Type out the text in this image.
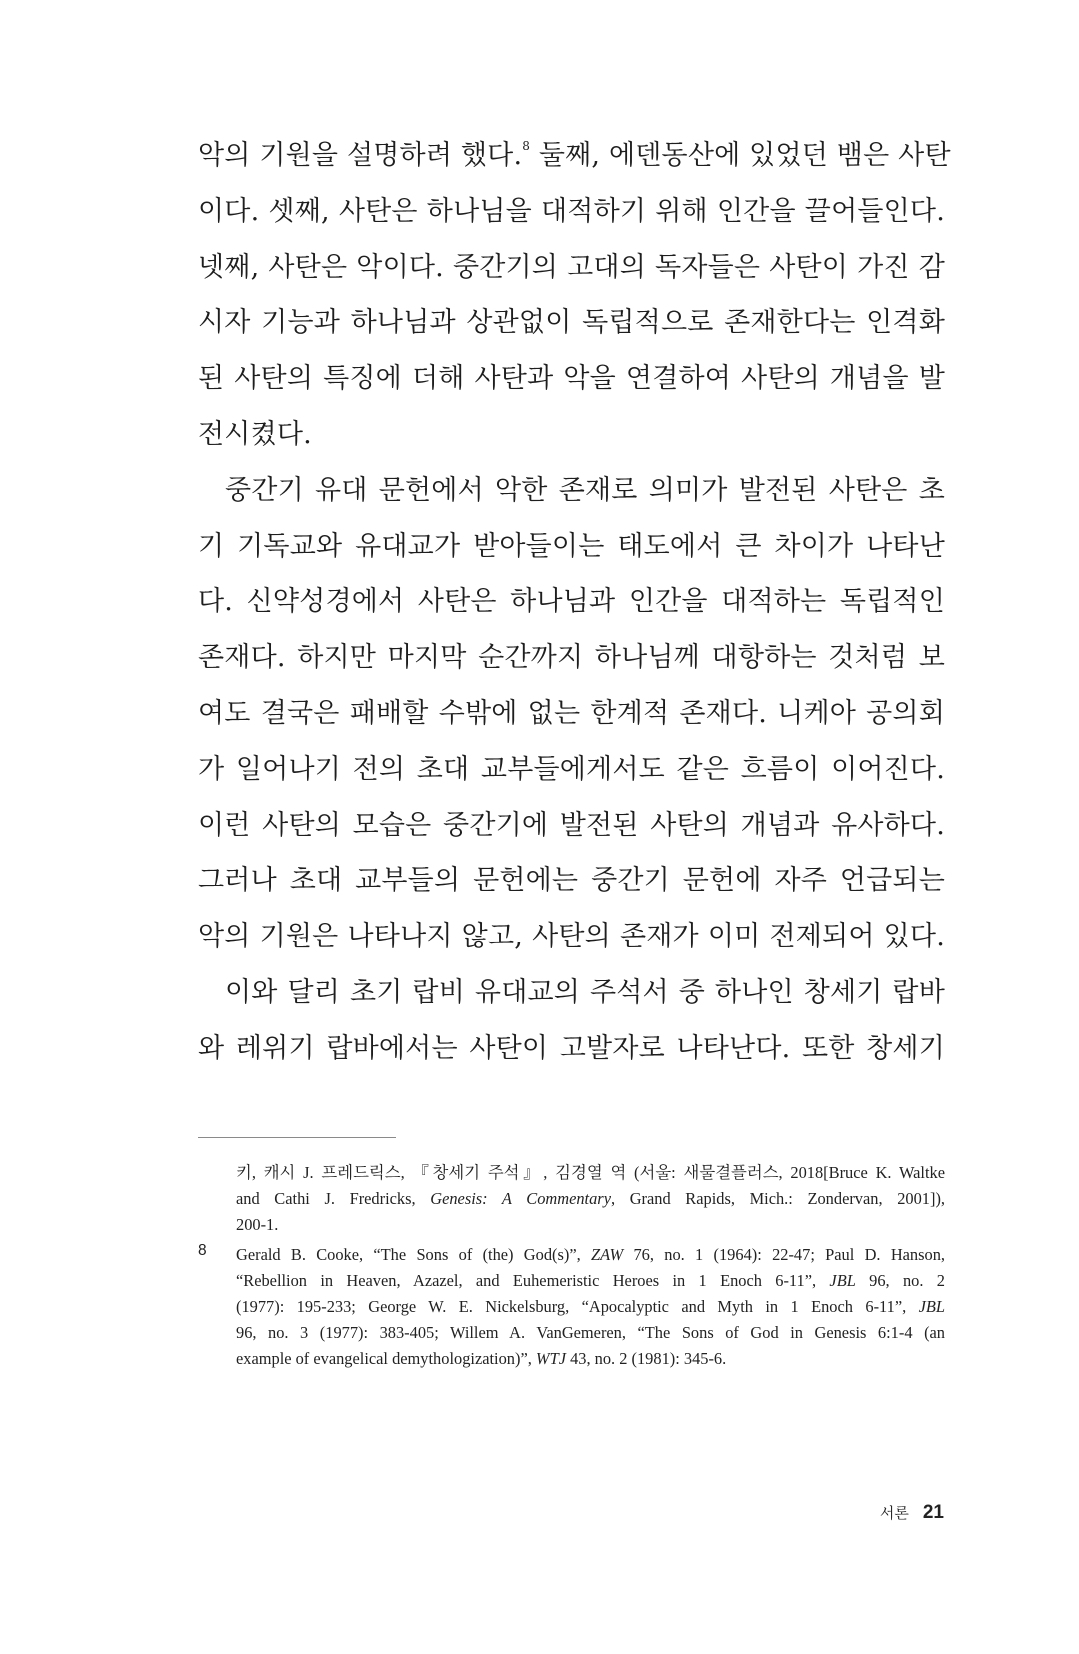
악의 기원을 설명하려 했다.$^8$ 둘째, 에덴동산에 있었던 뱀은 사탄
이다. 셋째, 사탄은 하나님을 대적하기 위해 인간을 끌어들인다.
넷째, 사탄은 악이다. 중간기의 고대의 독자들은 사탄이 가진 감
시자 기능과 하나님과 상관없이 독립적으로 존재한다는 인격화
된 사탄의 특징에 더해 사탄과 악을 연결하여 사탄의 개념을 발
전시켰다.
중간기 유대 문헌에서 악한 존재로 의미가 발전된 사탄은 초
기 기독교와 유대교가 받아들이는 태도에서 큰 차이가 나타난
다. 신약성경에서 사탄은 하나님과 인간을 대적하는 독립적인
존재다. 하지만 마지막 순간까지 하나님께 대항하는 것처럼 보
여도 결국은 패배할 수밖에 없는 한계적 존재다. 니케아 공의회
가 일어나기 전의 초대 교부들에게서도 같은 흐름이 이어진다.
이런 사탄의 모습은 중간기에 발전된 사탄의 개념과 유사하다.
그러나 초대 교부들의 문헌에는 중간기 문헌에 자주 언급되는
악의 기원은 나타나지 않고, 사탄의 존재가 이미 전제되어 있다.
이와 달리 초기 랍비 유대교의 주석서 중 하나인 창세기 랍바
와 레위기 랍바에서는 사탄이 고발자로 나타난다. 또한 창세기
키, 캐시 J. 프레드릭스, 『창세기 주석』, 김경열 역 (서울: 새물결플러스, 2018[Bruce K. Waltke
and Cathi J. Fredricks, Genesis: A Commentary, Grand Rapids, Mich.: Zondervan, 2001]),
200-1.
8 Gerald B. Cooke, “The Sons of (the) God(s)”, ZAW 76, no. 1 (1964): 22-47; Paul D. Hanson,
“Rebellion in Heaven, Azazel, and Euhemeristic Heroes in 1 Enoch 6-11”, JBL 96, no. 2
(1977): 195-233; George W. E. Nickelsburg, “Apocalyptic and Myth in 1 Enoch 6-11”, JBL
96, no. 3 (1977): 383-405; Willem A. VanGemeren, “The Sons of God in Genesis 6:1-4 (an
example of evangelical demythologization)”, WTJ 43, no. 2 (1981): 345-6.
서론 21
